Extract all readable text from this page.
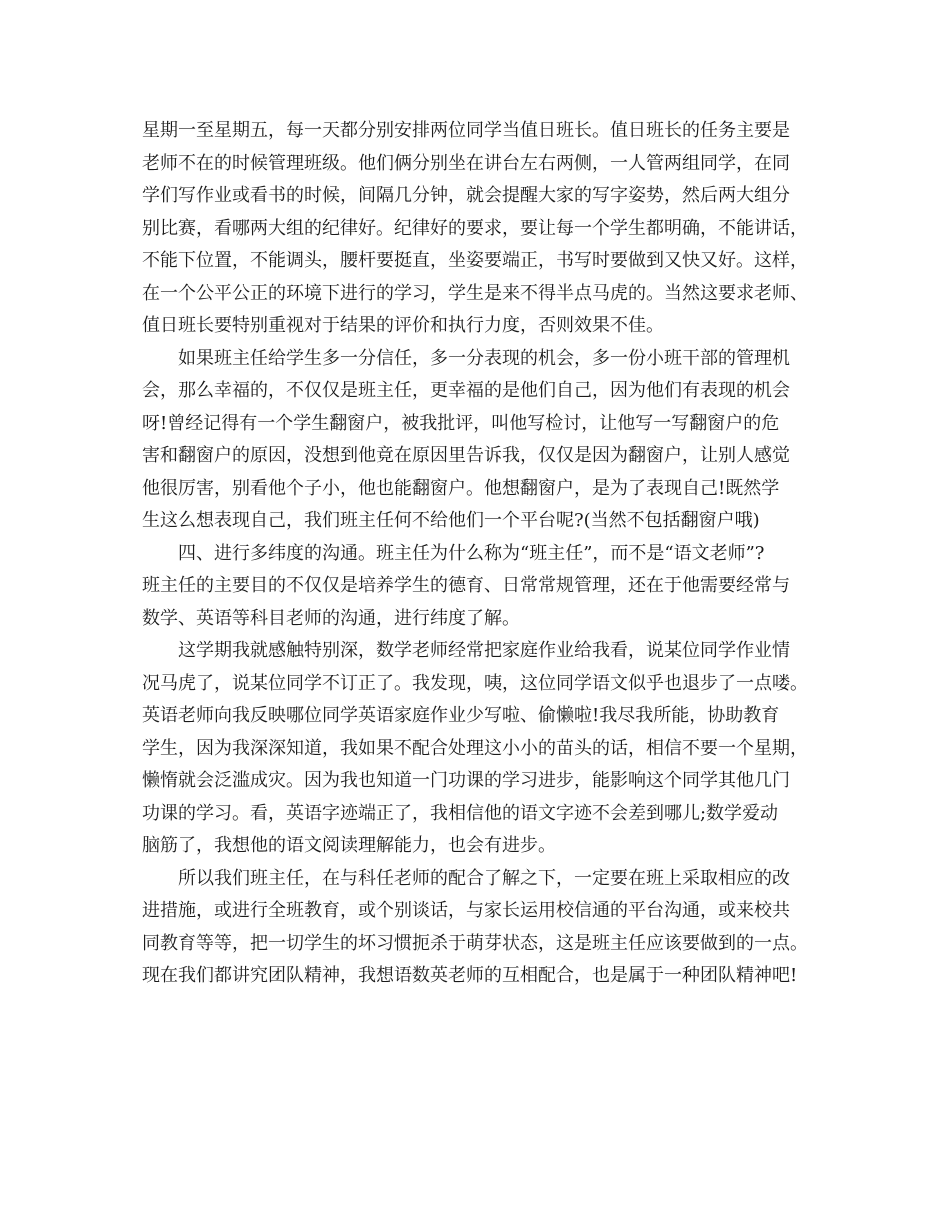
星期一至星期五，每一天都分别安排两位同学当值日班长。值日班长的任务主要是
老师不在的时候管理班级。他们俩分别坐在讲台左右两侧，一人管两组同学，在同
学们写作业或看书的时候，间隔几分钟，就会提醒大家的写字姿势，然后两大组分
别比赛，看哪两大组的纪律好。纪律好的要求，要让每一个学生都明确，不能讲话，
不能下位置，不能调头，腰杆要挺直，坐姿要端正，书写时要做到又快又好。这样，
在一个公平公正的环境下进行的学习，学生是来不得半点马虎的。当然这要求老师、
值日班长要特别重视对于结果的评价和执行力度，否则效果不佳。
如果班主任给学生多一分信任，多一分表现的机会，多一份小班干部的管理机
会，那么幸福的，不仅仅是班主任，更幸福的是他们自己，因为他们有表现的机会
呀!曾经记得有一个学生翻窗户，被我批评，叫他写检讨，让他写一写翻窗户的危
害和翻窗户的原因，没想到他竟在原因里告诉我，仅仅是因为翻窗户，让别人感觉
他很厉害，别看他个子小，他也能翻窗户。他想翻窗户，是为了表现自己!既然学
生这么想表现自己，我们班主任何不给他们一个平台呢?(当然不包括翻窗户哦)
四、进行多纬度的沟通。班主任为什么称为“班主任”，而不是“语文老师”?
班主任的主要目的不仅仅是培养学生的德育、日常常规管理，还在于他需要经常与
数学、英语等科目老师的沟通，进行纬度了解。
这学期我就感触特别深，数学老师经常把家庭作业给我看，说某位同学作业情
况马虎了，说某位同学不订正了。我发现，咦，这位同学语文似乎也退步了一点喽。
英语老师向我反映哪位同学英语家庭作业少写啦、偷懒啦!我尽我所能，协助教育
学生，因为我深深知道，我如果不配合处理这小小的苗头的话，相信不要一个星期，
懒惰就会泛滥成灾。因为我也知道一门功课的学习进步，能影响这个同学其他几门
功课的学习。看，英语字迹端正了，我相信他的语文字迹不会差到哪儿;数学爱动
脑筋了，我想他的语文阅读理解能力，也会有进步。
所以我们班主任，在与科任老师的配合了解之下，一定要在班上采取相应的改
进措施，或进行全班教育，或个别谈话，与家长运用校信通的平台沟通，或来校共
同教育等等，把一切学生的坏习惯扼杀于萌芽状态，这是班主任应该要做到的一点。
现在我们都讲究团队精神，我想语数英老师的互相配合，也是属于一种团队精神吧!
